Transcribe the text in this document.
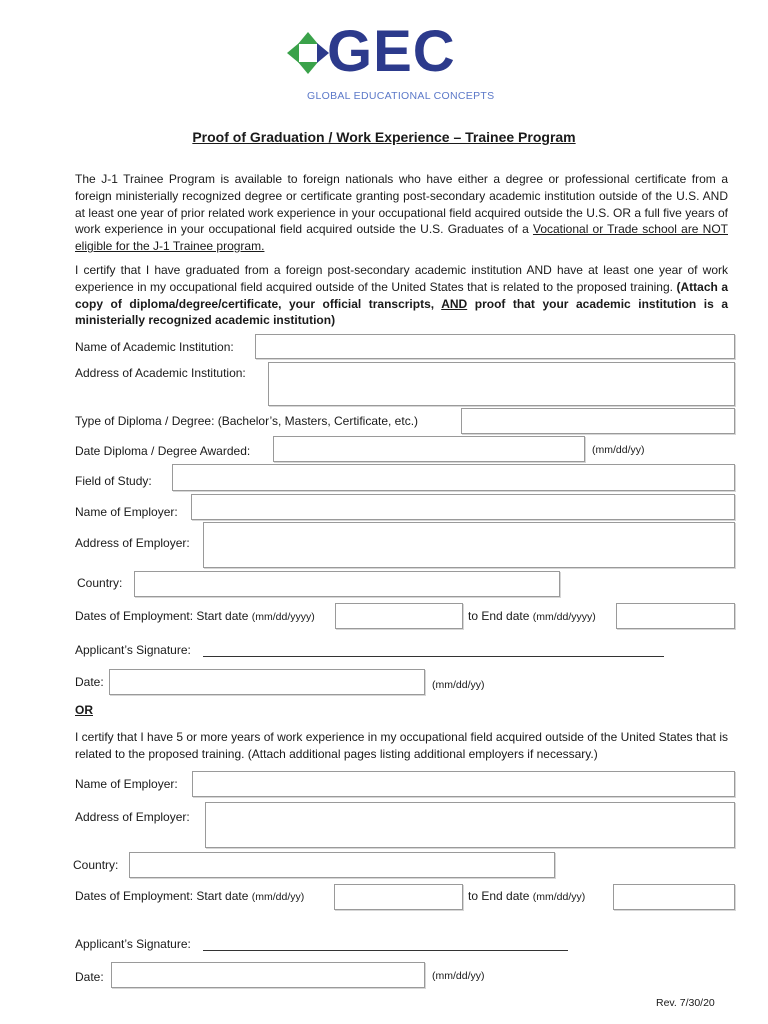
GEC
GLOBAL EDUCATIONAL CONCEPTS
Proof of Graduation / Work Experience – Trainee Program
The J-1 Trainee Program is available to foreign nationals who have either a degree or professional certificate from a foreign ministerially recognized degree or certificate granting post-secondary academic institution outside of the U.S. AND at least one year of prior related work experience in your occupational field acquired outside the U.S. OR a full five years of work experience in your occupational field acquired outside the U.S. Graduates of a Vocational or Trade school are NOT eligible for the J-1 Trainee program.
I certify that I have graduated from a foreign post-secondary academic institution AND have at least one year of work experience in my occupational field acquired outside of the United States that is related to the proposed training. (Attach a copy of diploma/degree/certificate, your official transcripts, AND proof that your academic institution is a ministerially recognized academic institution)
Name of Academic Institution:
Address of Academic Institution:
Type of Diploma / Degree: (Bachelor’s, Masters, Certificate, etc.)
Date Diploma / Degree Awarded:	(mm/dd/yy)
Field of Study:
Name of Employer:
Address of Employer:
Country:
Dates of Employment: Start date (mm/dd/yyyy)	to End date (mm/dd/yyyy)
Applicant’s Signature:
Date:	(mm/dd/yy)
OR
I certify that I have 5 or more years of work experience in my occupational field acquired outside of the United States that is related to the proposed training. (Attach additional pages listing additional employers if necessary.)
Name of Employer:
Address of Employer:
Country:
Dates of Employment: Start date (mm/dd/yy)	to End date (mm/dd/yy)
Applicant’s Signature:
Date:	(mm/dd/yy)
Rev. 7/30/20
